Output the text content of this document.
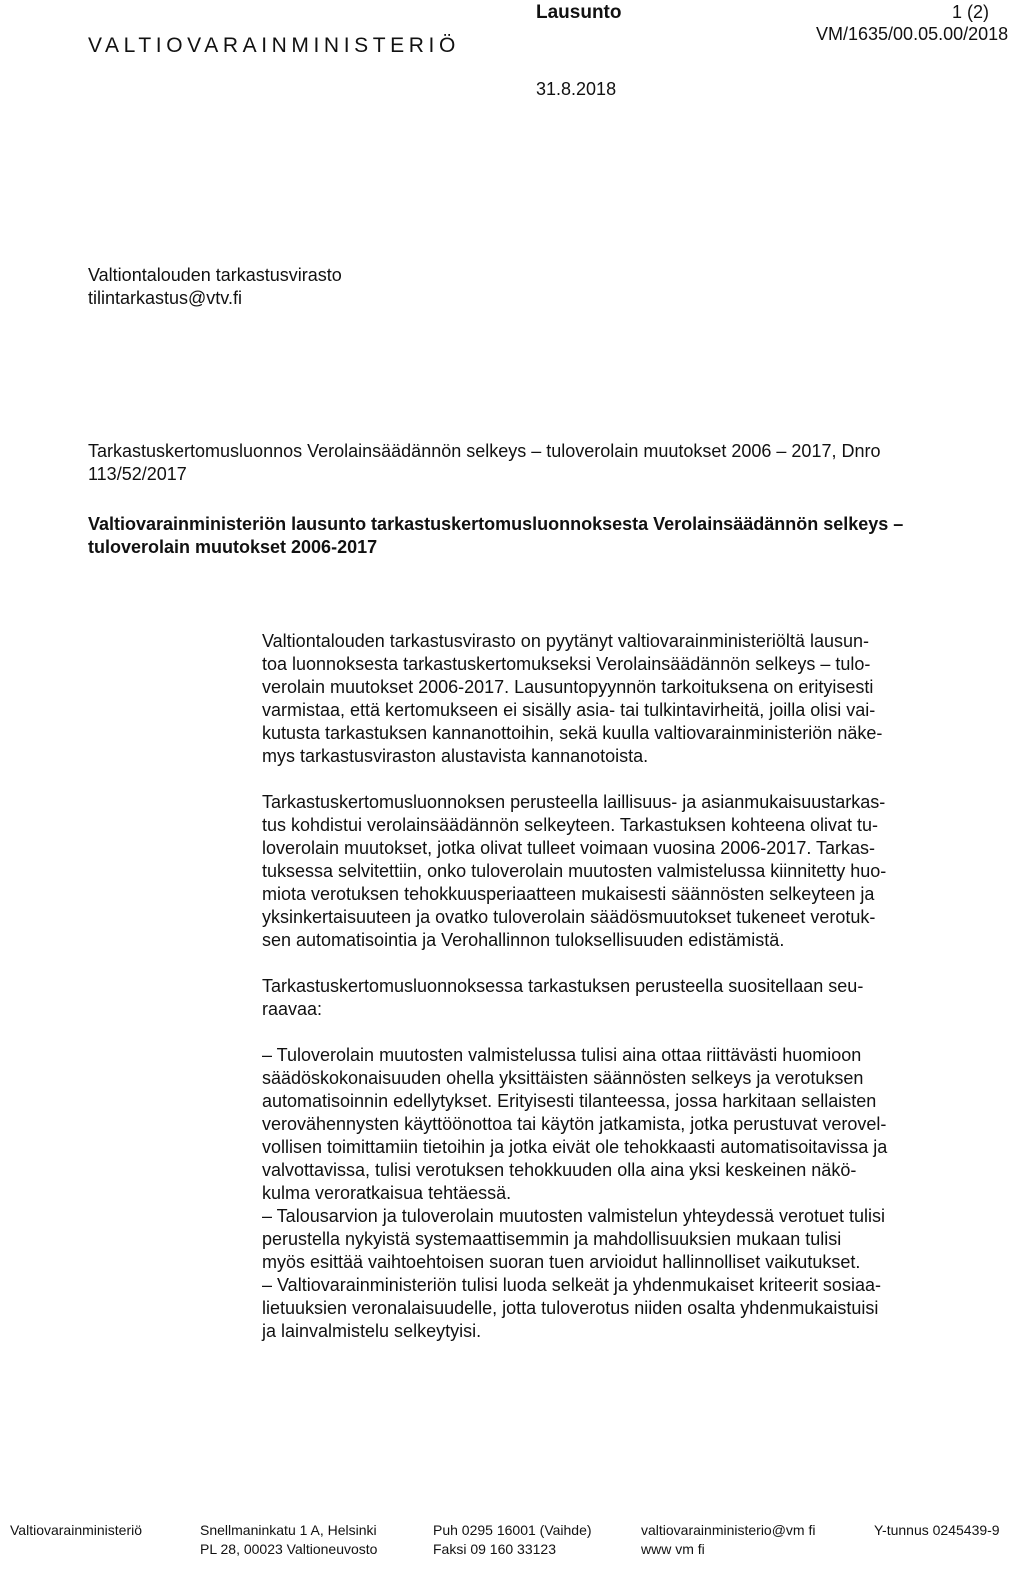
VALTIOVARAINMINISTERIÖ
Lausunto	1 (2)
VM/1635/00.05.00/2018
31.8.2018
Valtiontalouden tarkastusvirasto
tilintarkastus@vtv.fi
Tarkastuskertomusluonnos Verolainsäädännön selkeys – tuloverolain muutokset 2006 – 2017, Dnro
113/52/2017
Valtiovarainministeriön lausunto tarkastuskertomusluonnoksesta Verolainsäädännön selkeys –
tuloverolain muutokset 2006-2017

Valtiontalouden tarkastusvirasto on pyytänyt valtiovarainministeriöltä lausun-
toa luonnoksesta tarkastuskertomukseksi Verolainsäädännön selkeys – tulo-
verolain muutokset 2006-2017. Lausuntopyynnön tarkoituksena on erityisesti
varmistaa, että kertomukseen ei sisälly asia- tai tulkintavirheitä, joilla olisi vai-
kutusta tarkastuksen kannanottoihin, sekä kuulla valtiovarainministeriön näke-
mys tarkastusviraston alustavista kannanotoista.

Tarkastuskertomusluonnoksen perusteella laillisuus- ja asianmukaisuustarkas-
tus kohdistui verolainsäädännön selkeyteen. Tarkastuksen kohteena olivat tu-
loverolain muutokset, jotka olivat tulleet voimaan vuosina 2006-2017. Tarkas-
tuksessa selvitettiin, onko tuloverolain muutosten valmistelussa kiinnitetty huo-
miota verotuksen tehokkuusperiaatteen mukaisesti säännösten selkeyteen ja
yksinkertaisuuteen ja ovatko tuloverolain säädösmuutokset tukeneet verotuk-
sen automatisointia ja Verohallinnon tuloksellisuuden edistämistä.

Tarkastuskertomusluonnoksessa tarkastuksen perusteella suositellaan seu-
raavaa:

– Tuloverolain muutosten valmistelussa tulisi aina ottaa riittävästi huomioon
säädöskokonaisuuden ohella yksittäisten säännösten selkeys ja verotuksen
automatisoinnin edellytykset. Erityisesti tilanteessa, jossa harkitaan sellaisten
verovähennysten käyttöönottoa tai käytön jatkamista, jotka perustuvat verovel-
vollisen toimittamiin tietoihin ja jotka eivät ole tehokkaasti automatisoitavissa ja
valvottavissa, tulisi verotuksen tehokkuuden olla aina yksi keskeinen näkö-
kulma veroratkaisua tehtäessä.
– Talousarvion ja tuloverolain muutosten valmistelun yhteydessä verotuet tulisi
perustella nykyistä systemaattisemmin ja mahdollisuuksien mukaan tulisi
myös esittää vaihtoehtoisen suoran tuen arvioidut hallinnolliset vaikutukset.
– Valtiovarainministeriön tulisi luoda selkeät ja yhdenmukaiset kriteerit sosiaa-
lietuuksien veronalaisuudelle, jotta tuloverotus niiden osalta yhdenmukaistuisi
ja lainvalmistelu selkeytyisi.

Valtiovarainministeriö	Snellmaninkatu 1 A, Helsinki
PL 28, 00023 Valtioneuvosto
Puh 0295 16001 (Vaihde)
Faksi 09 160 33123
valtiovarainministerio@vm fi
www vm fi
Y-tunnus 0245439-9
